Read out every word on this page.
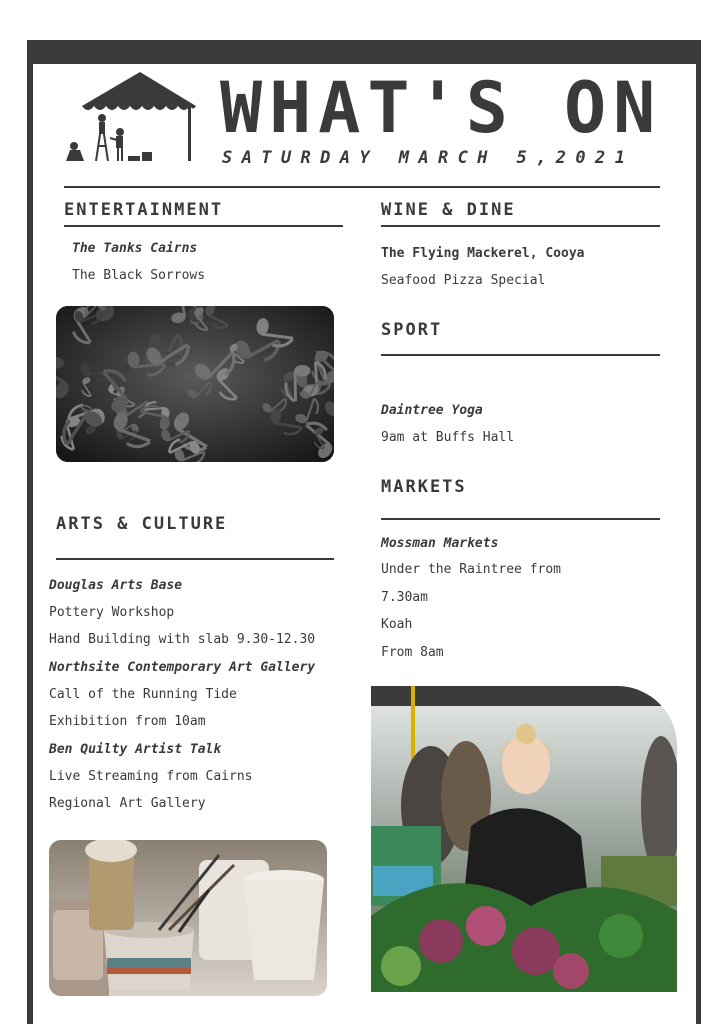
WHAT'S ON
SATURDAY MARCH 5,2021
ENTERTAINMENT
The Tanks Cairns
The Black Sorrows
ARTS & CULTURE
Douglas Arts Base
Pottery Workshop
Hand Building with slab 9.30-12.30
Northsite Contemporary Art Gallery
Call of the Running Tide
Exhibition from 10am
Ben Quilty Artist Talk
Live Streaming from Cairns
Regional Art Gallery
WINE & DINE
The Flying Mackerel, Cooya
Seafood Pizza Special
SPORT
Daintree Yoga
9am at Buffs Hall
MARKETS
Mossman Markets
Under the Raintree from
7.30am
Koah
From 8am
